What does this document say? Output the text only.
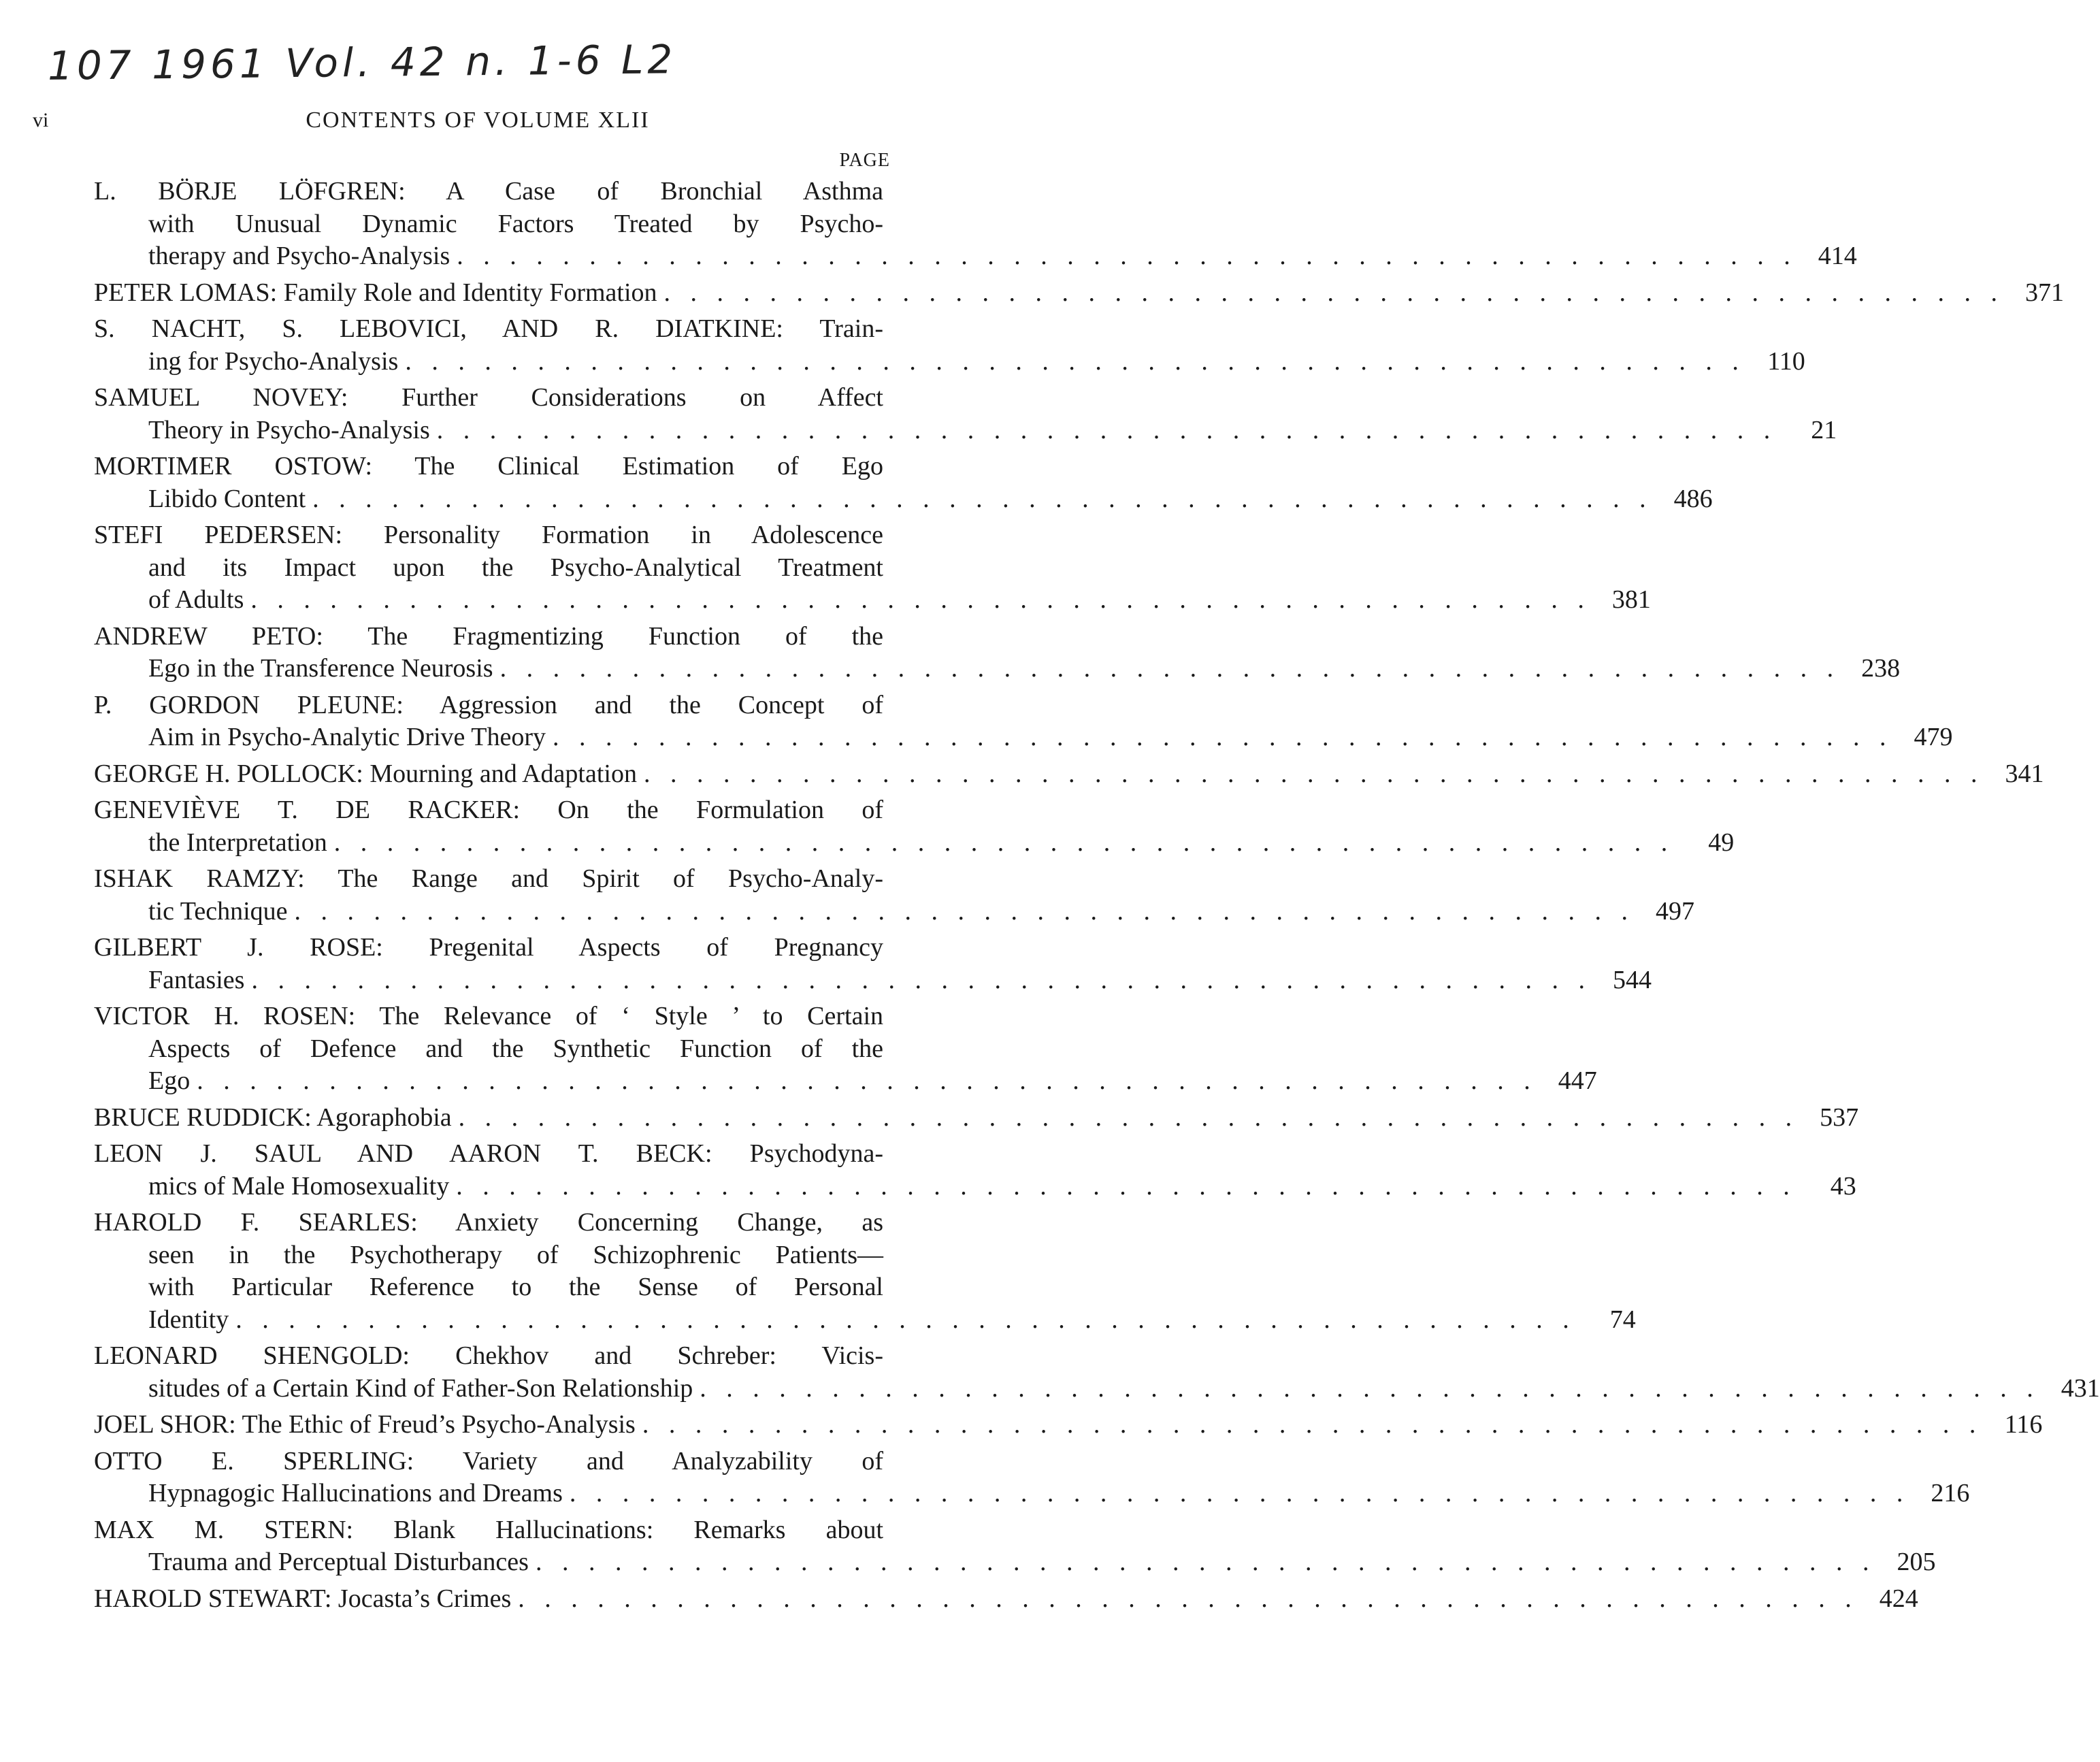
107 1961 Vol. 42 n. 1-6 L2
vi	CONTENTS OF VOLUME XLII
PAGE
L. BÖRJE LÖFGREN: A Case of Bronchial Asthma
with Unusual Dynamic Factors Treated by Psycho-
therapy and Psycho-Analysis . . . . . . . . . . . . . . . . . . . . . . . . . . . . . . . . . . . . . . . . . . . . . . . . . . . 414
PETER LOMAS: Family Role and Identity Formation . . . . . . . . . . . . . . . . . . . . . . . . . . . . . . . . . . . . . . . . . . . . . . . . . . . 371
S. NACHT, S. LEBOVICI, AND R. DIATKINE: Train-
ing for Psycho-Analysis . . . . . . . . . . . . . . . . . . . . . . . . . . . . . . . . . . . . . . . . . . . . . . . . . . . 110
SAMUEL NOVEY: Further Considerations on Affect
Theory in Psycho-Analysis . . . . . . . . . . . . . . . . . . . . . . . . . . . . . . . . . . . . . . . . . . . . . . . . . . .	21
MORTIMER OSTOW: The Clinical Estimation of Ego
Libido Content . . . . . . . . . . . . . . . . . . . . . . . . . . . . . . . . . . . . . . . . . . . . . . . . . . . 486
STEFI PEDERSEN: Personality Formation in Adolescence
and its Impact upon the Psycho-Analytical Treatment
of Adults . . . . . . . . . . . . . . . . . . . . . . . . . . . . . . . . . . . . . . . . . . . . . . . . . . . 381
ANDREW PETO: The Fragmentizing Function of the
Ego in the Transference Neurosis . . . . . . . . . . . . . . . . . . . . . . . . . . . . . . . . . . . . . . . . . . . . . . . . . . . 238
P. GORDON PLEUNE: Aggression and the Concept of
Aim in Psycho-Analytic Drive Theory . . . . . . . . . . . . . . . . . . . . . . . . . . . . . . . . . . . . . . . . . . . . . . . . . . . 479
GEORGE H. POLLOCK: Mourning and Adaptation . . . . . . . . . . . . . . . . . . . . . . . . . . . . . . . . . . . . . . . . . . . . . . . . . . . 341
GENEVIÈVE T. DE RACKER: On the Formulation of
the Interpretation . . . . . . . . . . . . . . . . . . . . . . . . . . . . . . . . . . . . . . . . . . . . . . . . . . .	49
ISHAK RAMZY: The Range and Spirit of Psycho-Analy-
tic Technique . . . . . . . . . . . . . . . . . . . . . . . . . . . . . . . . . . . . . . . . . . . . . . . . . . . 497
GILBERT J. ROSE: Pregenital Aspects of Pregnancy
Fantasies . . . . . . . . . . . . . . . . . . . . . . . . . . . . . . . . . . . . . . . . . . . . . . . . . . . 544
VICTOR H. ROSEN: The Relevance of ‘ Style ’ to Certain
Aspects of Defence and the Synthetic Function of the
Ego . . . . . . . . . . . . . . . . . . . . . . . . . . . . . . . . . . . . . . . . . . . . . . . . . . . 447
BRUCE RUDDICK: Agoraphobia . . . . . . . . . . . . . . . . . . . . . . . . . . . . . . . . . . . . . . . . . . . . . . . . . . . 537
LEON J. SAUL AND AARON T. BECK: Psychodyna-
mics of Male Homosexuality . . . . . . . . . . . . . . . . . . . . . . . . . . . . . . . . . . . . . . . . . . . . . . . . . . .	43
HAROLD F. SEARLES: Anxiety Concerning Change, as
seen in the Psychotherapy of Schizophrenic Patients—
with Particular Reference to the Sense of Personal
Identity . . . . . . . . . . . . . . . . . . . . . . . . . . . . . . . . . . . . . . . . . . . . . . . . . . .	74
LEONARD SHENGOLD: Chekhov and Schreber: Vicis-
situdes of a Certain Kind of Father-Son Relationship . . . . . . . . . . . . . . . . . . . . . . . . . . . . . . . . . . . . . . . . . . . . . . . . . . . 431
JOEL SHOR: The Ethic of Freud’s Psycho-Analysis . . . . . . . . . . . . . . . . . . . . . . . . . . . . . . . . . . . . . . . . . . . . . . . . . . . 116
OTTO E. SPERLING: Variety and Analyzability of
Hypnagogic Hallucinations and Dreams . . . . . . . . . . . . . . . . . . . . . . . . . . . . . . . . . . . . . . . . . . . . . . . . . . . 216
MAX M. STERN: Blank Hallucinations: Remarks about
Trauma and Perceptual Disturbances . . . . . . . . . . . . . . . . . . . . . . . . . . . . . . . . . . . . . . . . . . . . . . . . . . . 205
HAROLD STEWART: Jocasta’s Crimes . . . . . . . . . . . . . . . . . . . . . . . . . . . . . . . . . . . . . . . . . . . . . . . . . . . 424
